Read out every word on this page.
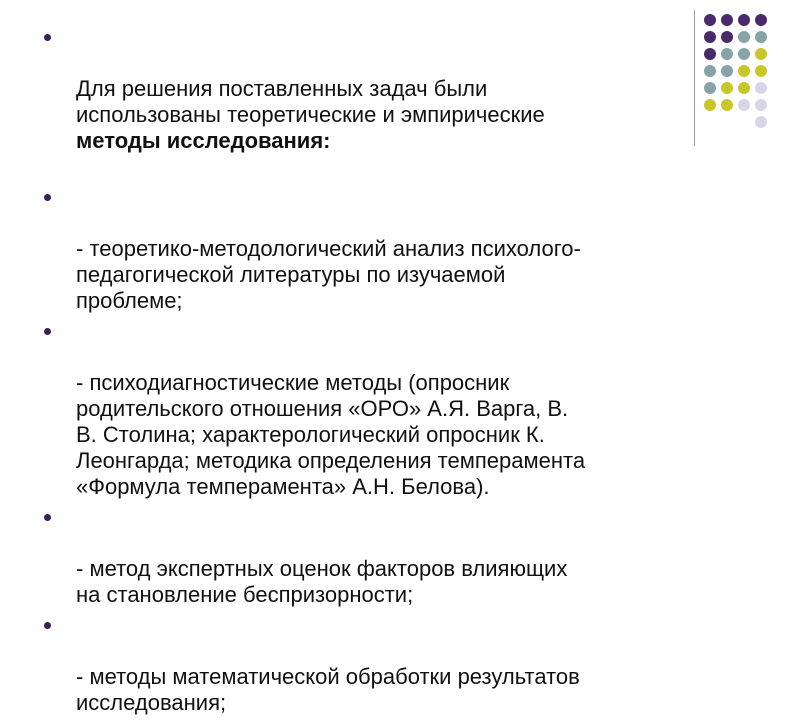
Для решения поставленных задач были
использованы теоретические и эмпирические

методы исследования:

- теоретико-методологический анализ психолого-
педагогической литературы по изучаемой
проблеме;

- психодиагностические методы (опросник
родительского отношения «ОРО» А.Я. Варга, В.
В. Столина; характерологический опросник К.
Леонгарда; методика определения темперамента
«Формула темперамента» А.Н. Белова).

- метод экспертных оценок факторов влияющих
на становление беспризорности;

- методы математической обработки результатов
исследования;
